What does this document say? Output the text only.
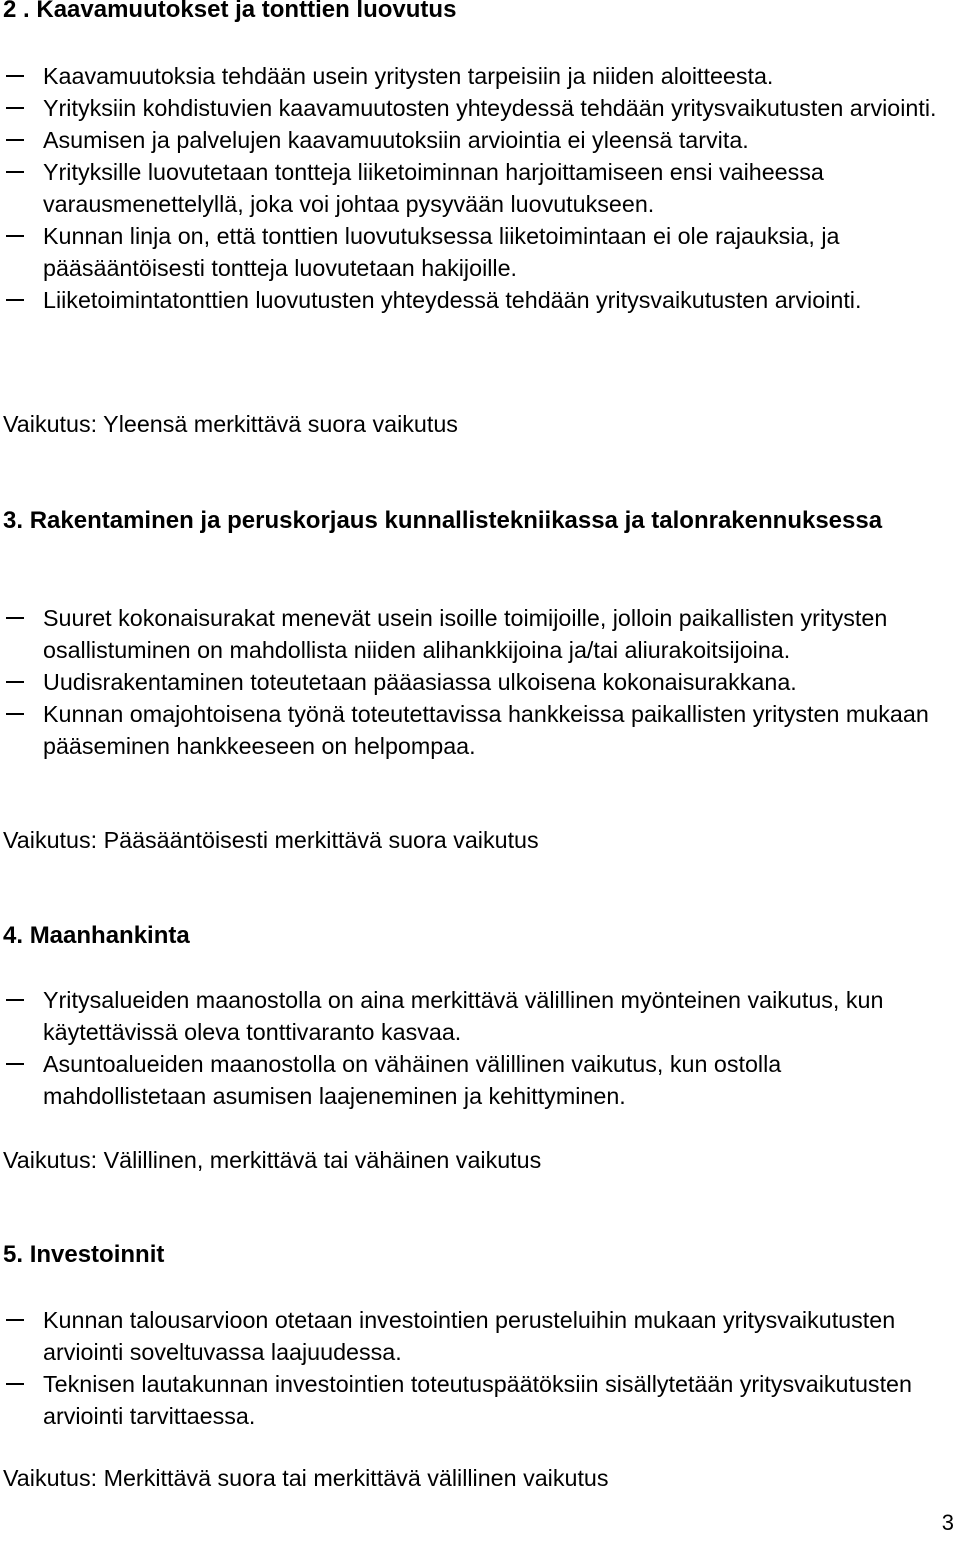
2 . Kaavamuutokset ja tonttien luovutus
Kaavamuutoksia tehdään usein yritysten tarpeisiin ja niiden aloitteesta.
Yrityksiin kohdistuvien kaavamuutosten yhteydessä tehdään yritysvaikutusten arviointi.
Asumisen ja palvelujen kaavamuutoksiin arviointia ei yleensä tarvita.
Yrityksille luovutetaan tontteja liiketoiminnan harjoittamiseen ensi vaiheessa varausmenettelyllä, joka voi johtaa pysyvään luovutukseen.
Kunnan linja on, että tonttien luovutuksessa liiketoimintaan ei ole rajauksia, ja pääsääntöisesti tontteja luovutetaan hakijoille.
Liiketoimintatonttien luovutusten yhteydessä tehdään yritysvaikutusten arviointi.

Vaikutus: Yleensä merkittävä suora vaikutus

3. Rakentaminen ja peruskorjaus kunnallistekniikassa ja talonrakennuksessa
Suuret kokonaisurakat menevät usein isoille toimijoille, jolloin paikallisten yritysten osallistuminen on mahdollista niiden alihankkijoina ja/tai aliurakoitsijoina.
Uudisrakentaminen toteutetaan pääasiassa ulkoisena kokonaisurakkana.
Kunnan omajohtoisena työnä toteutettavissa hankkeissa paikallisten yritysten mukaan pääseminen hankkeeseen on helpompaa.

Vaikutus: Pääsääntöisesti merkittävä suora vaikutus

4. Maanhankinta
Yritysalueiden maanostolla on aina merkittävä välillinen myönteinen vaikutus, kun käytettävissä oleva tonttivaranto kasvaa.
Asuntoalueiden maanostolla on vähäinen välillinen vaikutus, kun ostolla mahdollistetaan asumisen laajeneminen ja kehittyminen.

Vaikutus: Välillinen, merkittävä tai vähäinen vaikutus

5. Investoinnit
Kunnan talousarvioon otetaan investointien perusteluihin mukaan yritysvaikutusten arviointi soveltuvassa laajuudessa.
Teknisen lautakunnan investointien toteutuspäätöksiin sisällytetään yritysvaikutusten arviointi tarvittaessa.

Vaikutus: Merkittävä suora tai merkittävä välillinen vaikutus

3
